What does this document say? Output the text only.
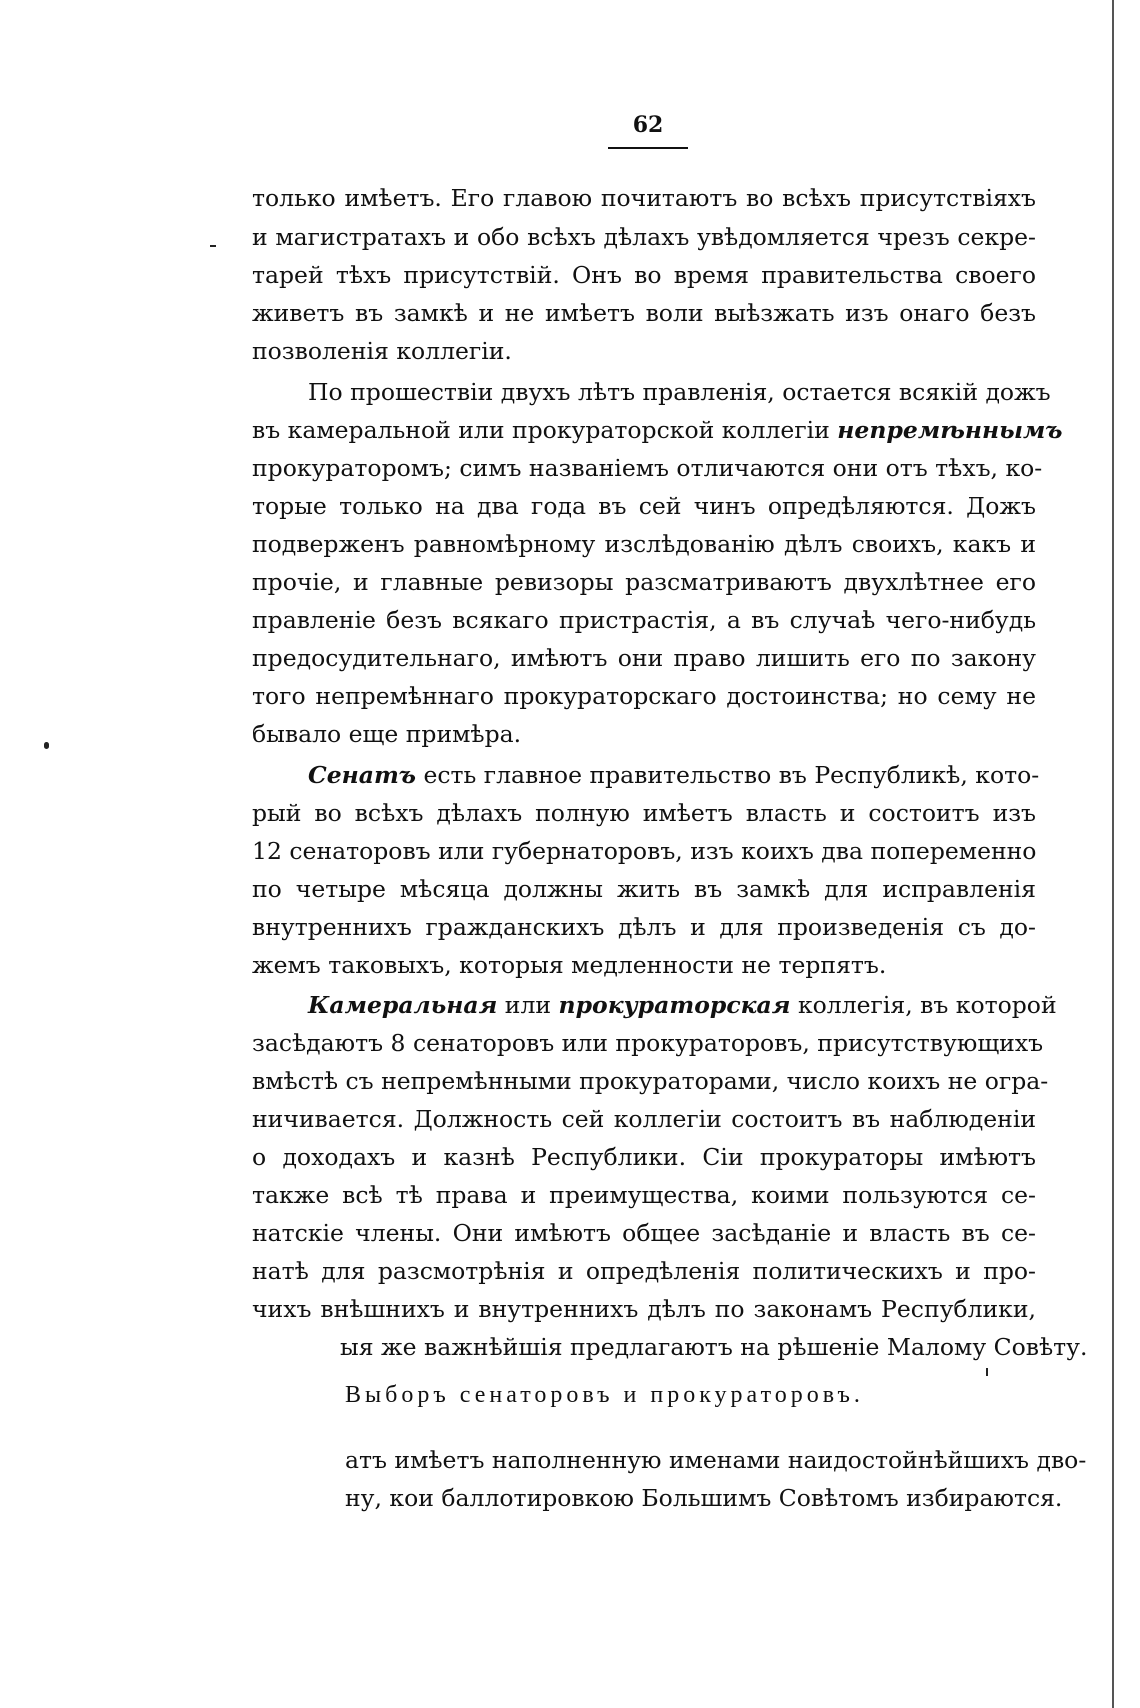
62
только имѣетъ. Его главою почитаютъ во всѣхъ присутствiяхъ
и магистратахъ и обо всѣхъ дѣлахъ увѣдомляется чрезъ секре-
тарей тѣхъ присутствiй. Онъ во время правительства своего
живетъ въ замкѣ и не имѣетъ воли выѣзжать изъ онаго безъ
позволенiя коллегiи.
По прошествiи двухъ лѣтъ правленiя, остается всякiй дожъ
въ камеральной или прокураторской коллегiи непремѣннымъ
прокураторомъ; симъ названiемъ отличаются они отъ тѣхъ, ко-
торые только на два года въ сей чинъ опредѣляются. Дожъ
подверженъ равномѣрному изслѣдованiю дѣлъ своихъ, какъ и
прочiе, и главные ревизоры разсматриваютъ двухлѣтнее его
правленiе безъ всякаго пристрастiя, а въ случаѣ чего-нибудь
предосудительнаго, имѣютъ они право лишить его по закону
того непремѣннаго прокураторскаго достоинства; но сему не
бывало еще примѣра.
Сенатъ есть главное правительство въ Республикѣ, кото-
рый во всѣхъ дѣлахъ полную имѣетъ власть и состоитъ изъ
12 сенаторовъ или губернаторовъ, изъ коихъ два попеременно
по четыре мѣсяца должны жить въ замкѣ для исправленiя
внутреннихъ гражданскихъ дѣлъ и для произведенiя съ до-
жемъ таковыхъ, которыя медленности не терпятъ.
Камеральная или прокураторская коллегiя, въ которой
засѣдаютъ 8 сенаторовъ или прокураторовъ, присутствующихъ
вмѣстѣ съ непремѣнными прокураторами, число коихъ не огра-
ничивается. Должность сей коллегiи состоитъ въ наблюденiи
о доходахъ и казнѣ Республики. Сiи прокураторы имѣютъ
также всѣ тѣ права и преимущества, коими пользуются се-
натскiе члены. Они имѣютъ общее засѣданiе и власть въ се-
натѣ для разсмотрѣнiя и опредѣленiя политическихъ и про-
чихъ внѣшнихъ и внутреннихъ дѣлъ по законамъ Республики,
ыя же важнѣйшiя предлагаютъ на рѣшенiе Малому Совѣту.
Выборъ сенаторовъ и прокураторовъ.
атъ имѣетъ наполненную именами наидостойнѣйшихъ дво-
ну, кои баллотировкою Большимъ Совѣтомъ избираются.
